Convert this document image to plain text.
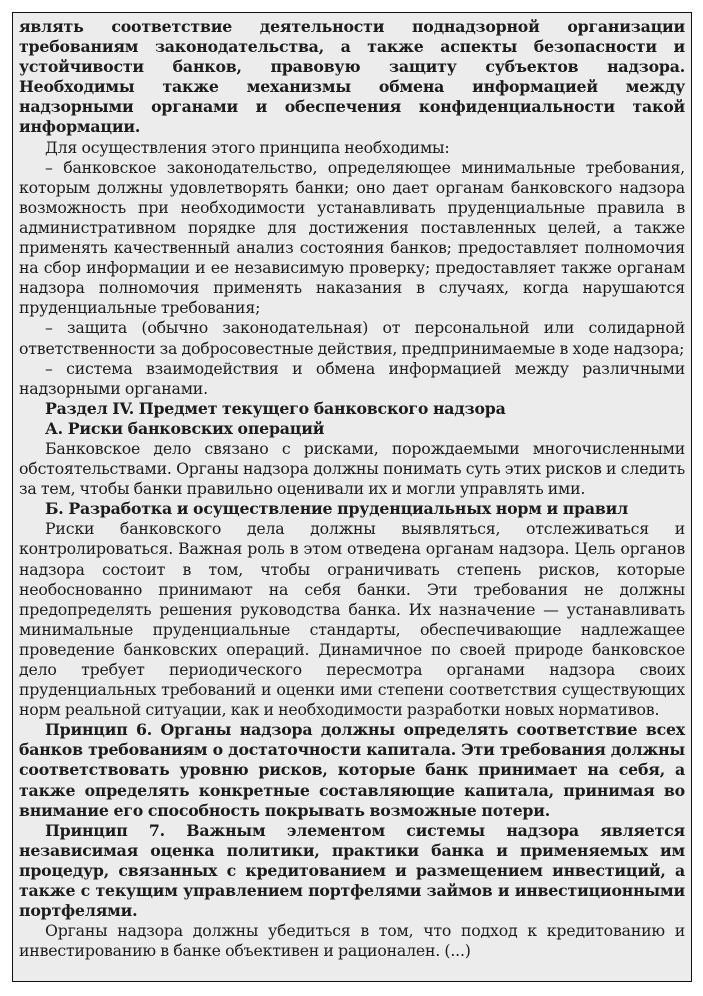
являть соответствие деятельности поднадзорной организации требованиям законодательства, а также аспекты безопасности и устойчивости банков, правовую защиту субъектов надзора. Необходимы также механизмы обмена информацией между надзорными органами и обеспечения конфиденциальности такой информации.

Для осуществления этого принципа необходимы:

– банковское законодательство, определяющее минимальные требования, которым должны удовлетворять банки; оно дает органам банковского надзора возможность при необходимости устанавливать пруденциальные правила в административном порядке для достижения поставленных целей, а также применять качественный анализ состояния банков; предоставляет полномочия на сбор информации и ее независимую проверку; предоставляет также органам надзора полномочия применять наказания в случаях, когда нарушаются пруденциальные требования;

– защита (обычно законодательная) от персональной или солидарной ответственности за добросовестные действия, предпринимаемые в ходе надзора;

– система взаимодействия и обмена информацией между различными надзорными органами.

Раздел IV. Предмет текущего банковского надзора
А. Риски банковских операций

Банковское дело связано с рисками, порождаемыми многочисленными обстоятельствами. Органы надзора должны понимать суть этих рисков и следить за тем, чтобы банки правильно оценивали их и могли управлять ими.

Б. Разработка и осуществление пруденциальных норм и правил

Риски банковского дела должны выявляться, отслеживаться и контролироваться. Важная роль в этом отведена органам надзора. Цель органов надзора состоит в том, чтобы ограничивать степень рисков, которые необоснованно принимают на себя банки. Эти требования не должны предопределять решения руководства банка. Их назначение — устанавливать минимальные пруденциальные стандарты, обеспечивающие надлежащее проведение банковских операций. Динамичное по своей природе банковское дело требует периодического пересмотра органами надзора своих пруденциальных требований и оценки ими степени соответствия существующих норм реальной ситуации, как и необходимости разработки новых нормативов.

Принцип 6. Органы надзора должны определять соответствие всех банков требованиям о достаточности капитала. Эти требования должны соответствовать уровню рисков, которые банк принимает на себя, а также определять конкретные составляющие капитала, принимая во внимание его способность покрывать возможные потери.

Принцип 7. Важным элементом системы надзора является независимая оценка политики, практики банка и применяемых им процедур, связанных с кредитованием и размещением инвестиций, а также с текущим управлением портфелями займов и инвестиционными портфелями.

Органы надзора должны убедиться в том, что подход к кредитованию и инвестированию в банке объективен и рационален. (...)
